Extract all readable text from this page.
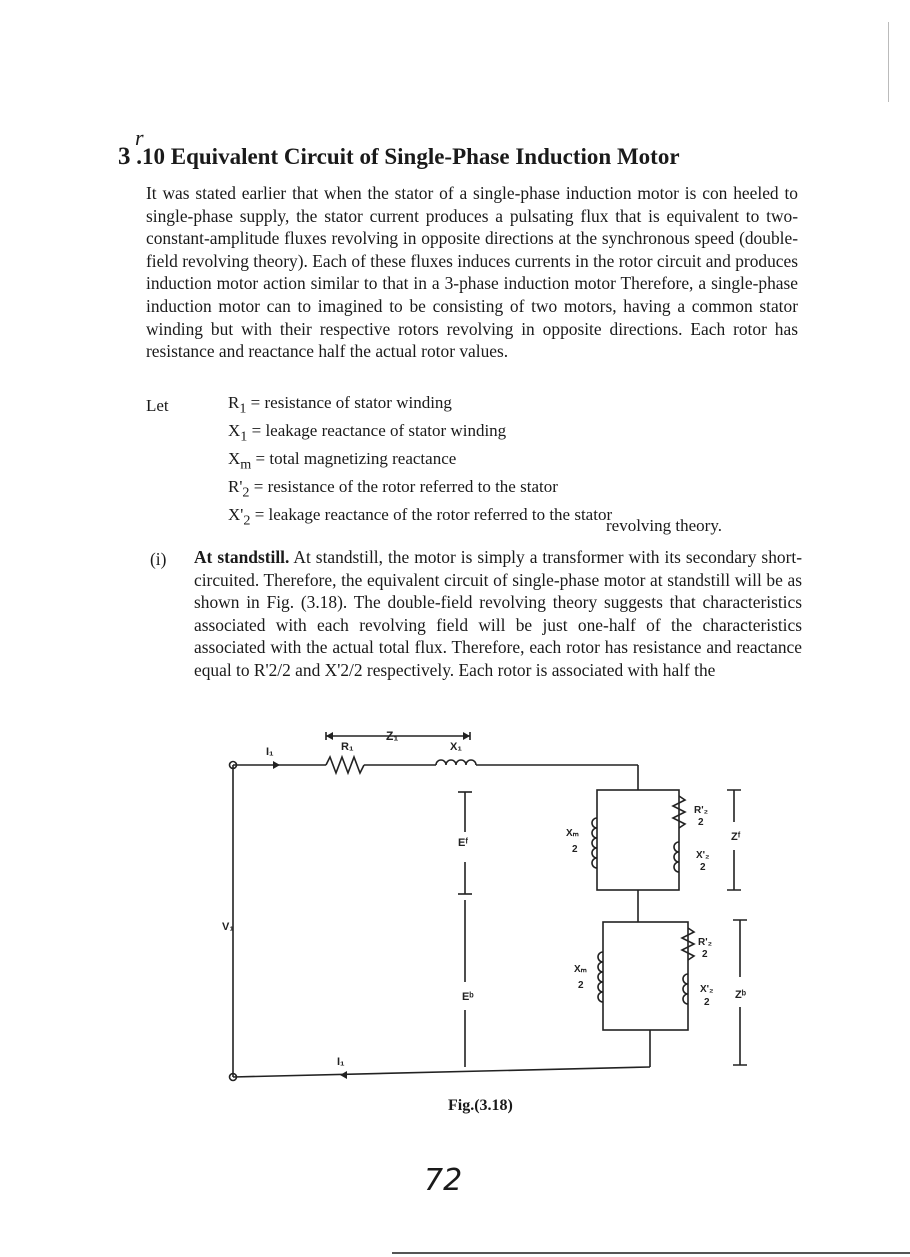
r
3 .10 Equivalent Circuit of Single-Phase Induction Motor
It was stated earlier that when the stator of a single-phase induction motor is con heeled to single-phase supply, the stator current produces a pulsating flux that is equivalent to two-constant-amplitude fluxes revolving in opposite directions at the synchronous speed (double-field revolving theory). Each of these fluxes induces currents in the rotor circuit and produces induction motor action similar to that in a 3-phase induction motor Therefore, a single-phase induction motor can to imagined to be consisting of two motors, having a common stator winding but with their respective rotors revolving in opposite directions. Each rotor has resistance and reactance half the actual rotor values.
Let	$R_1$ = resistance of stator winding
$X_1$ = leakage reactance of stator winding
$X_m$ = total magnetizing reactance
$R'_2$ = resistance of the rotor referred to the stator
$X'_2$ = leakage reactance of the rotor referred to the stator
revolving theory.
(i) At standstill. At standstill, the motor is simply a transformer with its secondary short-circuited. Therefore, the equivalent circuit of single-phase motor at standstill will be as shown in Fig. (3.18). The double-field revolving theory suggests that characteristics associated with each revolving field will be just one-half of the characteristics associated with the actual total flux. Therefore, each rotor has resistance and reactance equal to R'2/2 and X'2/2 respectively. Each rotor is associated with half the
Z₁
R₁	X₁
I₁
I₁
V₁
Eᶠ
Eᵇ
Zᶠ
Zᵇ
Xₘ
2
R'₂
2
X'₂
2
Xₘ
2
R'₂
2
X'₂
2
Fig.(3.18)
72
